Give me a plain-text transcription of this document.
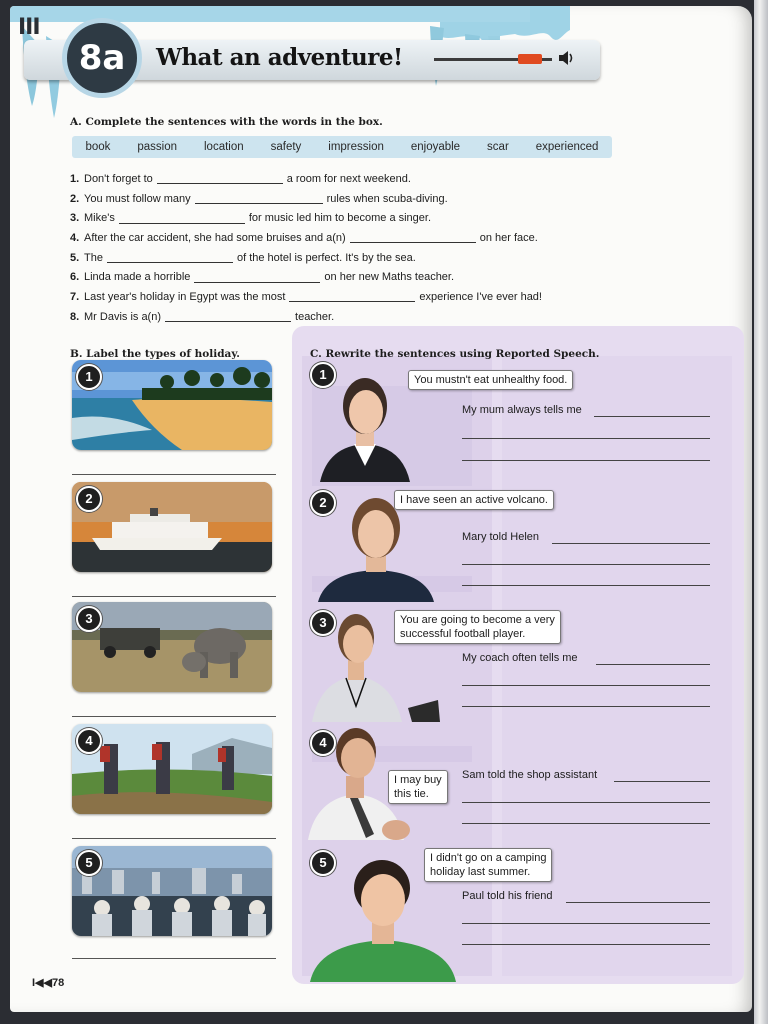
III
8a	What an adventure!
A. Complete the sentences with the words in the box.
book passion location safety impression enjoyable scar experienced
1. Don't forget to	a room for next weekend.
2. You must follow many	rules when scuba-diving.
3. Mike's	for music led him to become a singer.
4. After the car accident, she had some bruises and a(n)	on her face.
5. The	of the hotel is perfect. It's by the sea.
6. Linda made a horrible	on her new Maths teacher.
7. Last year's holiday in Egypt was the most	experience I've ever had!
8. Mr Davis is a(n)	teacher.
C. Rewrite the sentences using Reported Speech.
B. Label the types of holiday.
1
2
3
4
5
1	You mustn't eat unhealthy food.
My mum always tells me
2	I have seen an active volcano.
Mary told Helen
3	You are going to become a very
successful football player.
My coach often tells me
4
I may buy
this tie.
Sam told the shop assistant
5	I didn't go on a camping
holiday last summer.
Paul told his friend
I◀◀78
